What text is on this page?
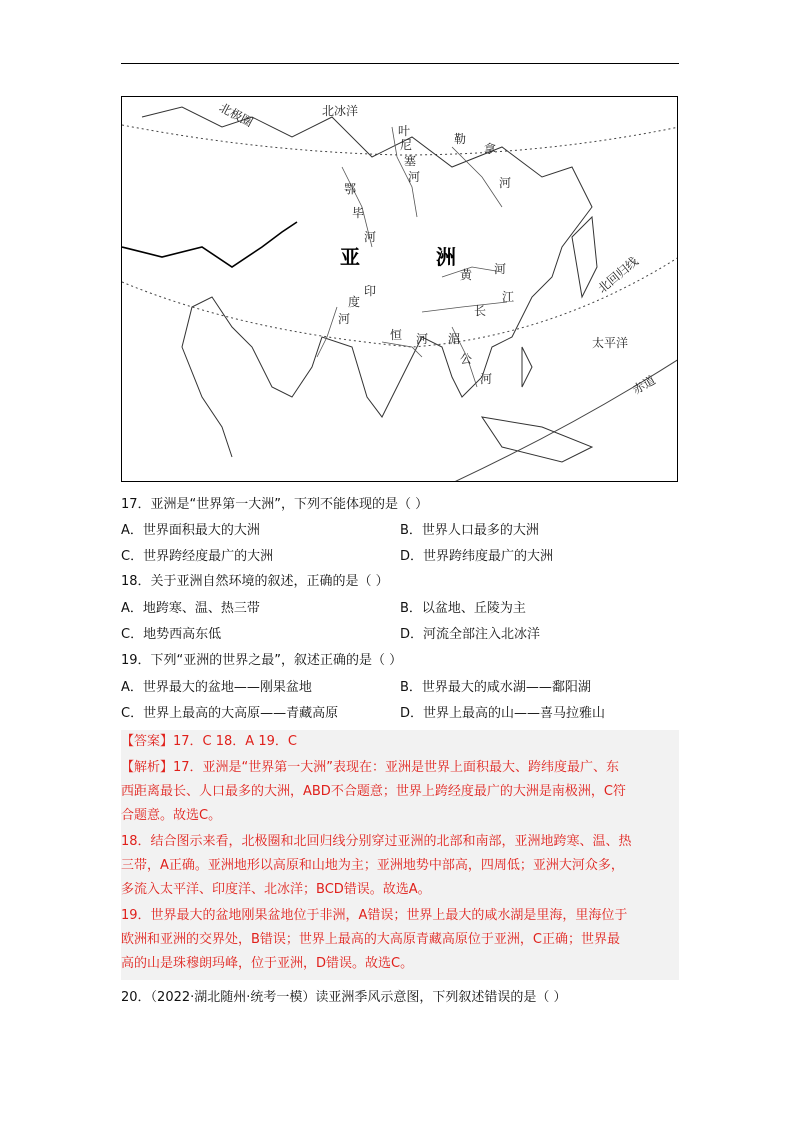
北冰洋
北极圈
叶
尼
塞
河
勒
拿
河
鄂
毕
河
亚	洲
黄 河
长
江
印
度
河
恒 河 湄
公
河
北回归线
太平洋
赤道
17．亚洲是“世界第一大洲”，下列不能体现的是（ ）
A．世界面积最大的大洲	B．世界人口最多的大洲
C．世界跨经度最广的大洲	D．世界跨纬度最广的大洲
18．关于亚洲自然环境的叙述，正确的是（ ）
A．地跨寒、温、热三带	B．以盆地、丘陵为主
C．地势西高东低	D．河流全部注入北冰洋
19．下列“亚洲的世界之最”，叙述正确的是（ ）
A．世界最大的盆地——刚果盆地	B．世界最大的咸水湖——鄱阳湖
C．世界上最高的大高原——青藏高原	D．世界上最高的山——喜马拉雅山
【答案】17．C 18．A 19．C
【解析】17．亚洲是“世界第一大洲”表现在：亚洲是世界上面积最大、跨纬度最广、东
西距离最长、人口最多的大洲，ABD不合题意；世界上跨经度最广的大洲是南极洲，C符
合题意。故选C。
18．结合图示来看，北极圈和北回归线分别穿过亚洲的北部和南部，亚洲地跨寒、温、热
三带，A正确。亚洲地形以高原和山地为主；亚洲地势中部高，四周低；亚洲大河众多，
多流入太平洋、印度洋、北冰洋；BCD错误。故选A。
19．世界最大的盆地刚果盆地位于非洲，A错误；世界上最大的咸水湖是里海，里海位于
欧洲和亚洲的交界处，B错误；世界上最高的大高原青藏高原位于亚洲，C正确；世界最
高的山是珠穆朗玛峰，位于亚洲，D错误。故选C。
20．（2022·湖北随州·统考一模）读亚洲季风示意图，下列叙述错误的是（ ）
